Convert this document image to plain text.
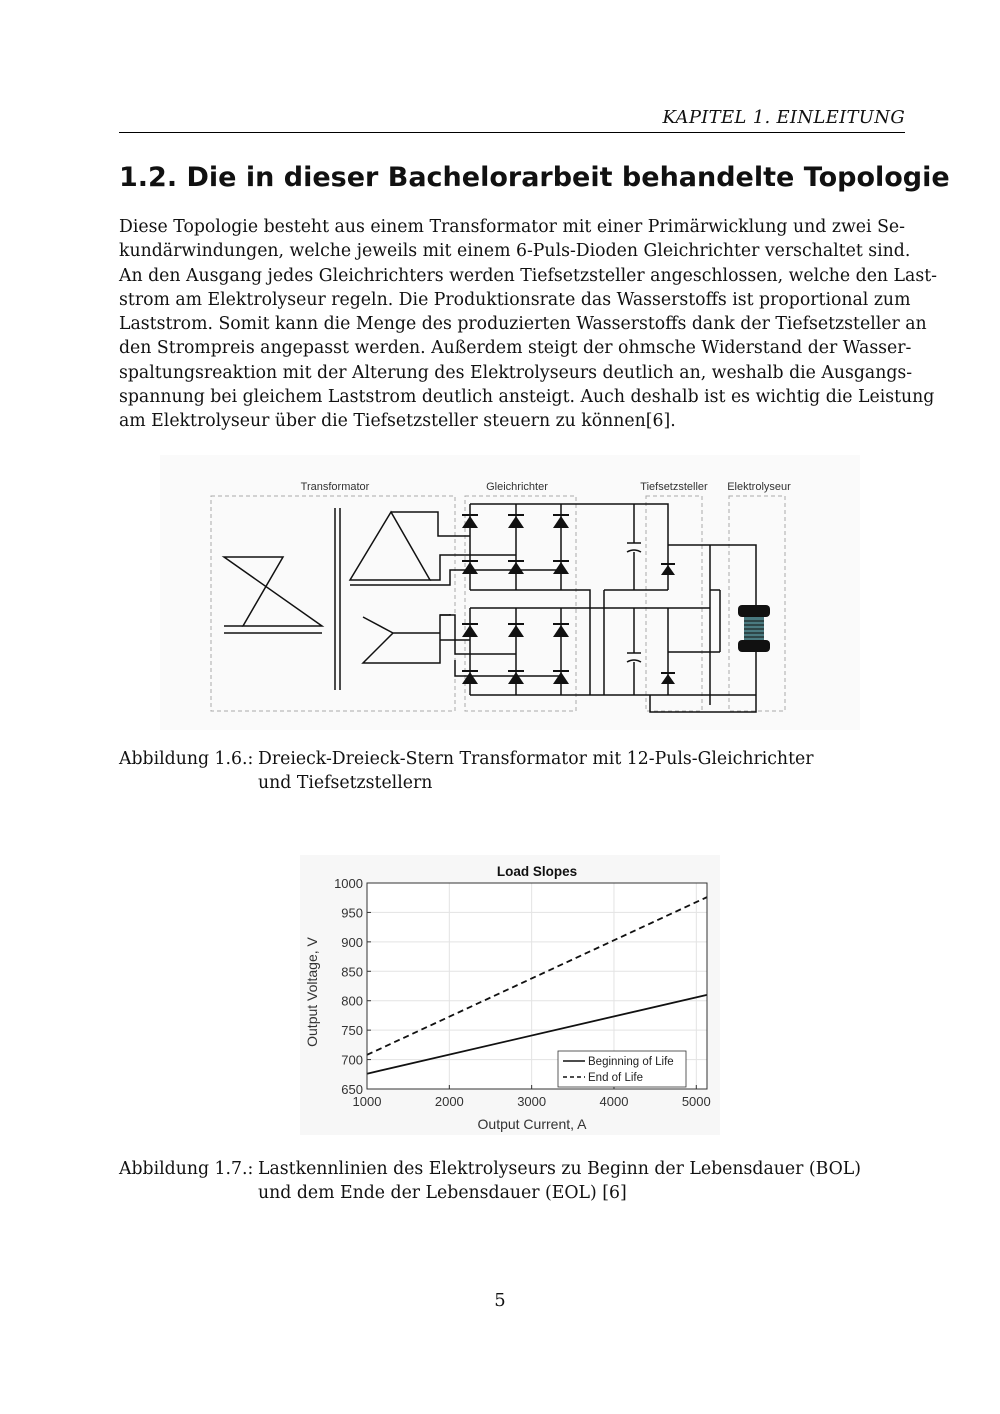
KAPITEL 1. EINLEITUNG
1.2. Die in dieser Bachelorarbeit behandelte Topologie
Diese Topologie besteht aus einem Transformator mit einer Primärwicklung und zwei Se-
kundärwindungen, welche jeweils mit einem 6-Puls-Dioden Gleichrichter verschaltet sind.
An den Ausgang jedes Gleichrichters werden Tiefsetzsteller angeschlossen, welche den Last-
strom am Elektrolyseur regeln. Die Produktionsrate das Wasserstoffs ist proportional zum
Laststrom. Somit kann die Menge des produzierten Wasserstoffs dank der Tiefsetzsteller an
den Strompreis angepasst werden. Außerdem steigt der ohmsche Widerstand der Wasser-
spaltungsreaktion mit der Alterung des Elektrolyseurs deutlich an, weshalb die Ausgangs-
spannung bei gleichem Laststrom deutlich ansteigt. Auch deshalb ist es wichtig die Leistung
am Elektrolyseur über die Tiefsetzsteller steuern zu können[6].
Transformator	Gleichrichter	Tiefsetzsteller Elektrolyseur
Abbildung 1.6.: Dreieck-Dreieck-Stern Transformator mit 12-Puls-Gleichrichter
und Tiefsetzstellern
1000	2000	3000	4000	5000
650
700
750
800
850
900
950
1000
Load Slopes
Output Current, A
Output Voltage, V
Beginning of Life
End of Life
Abbildung 1.7.: Lastkennlinien des Elektrolyseurs zu Beginn der Lebensdauer (BOL)
und dem Ende der Lebensdauer (EOL) [6]
5
